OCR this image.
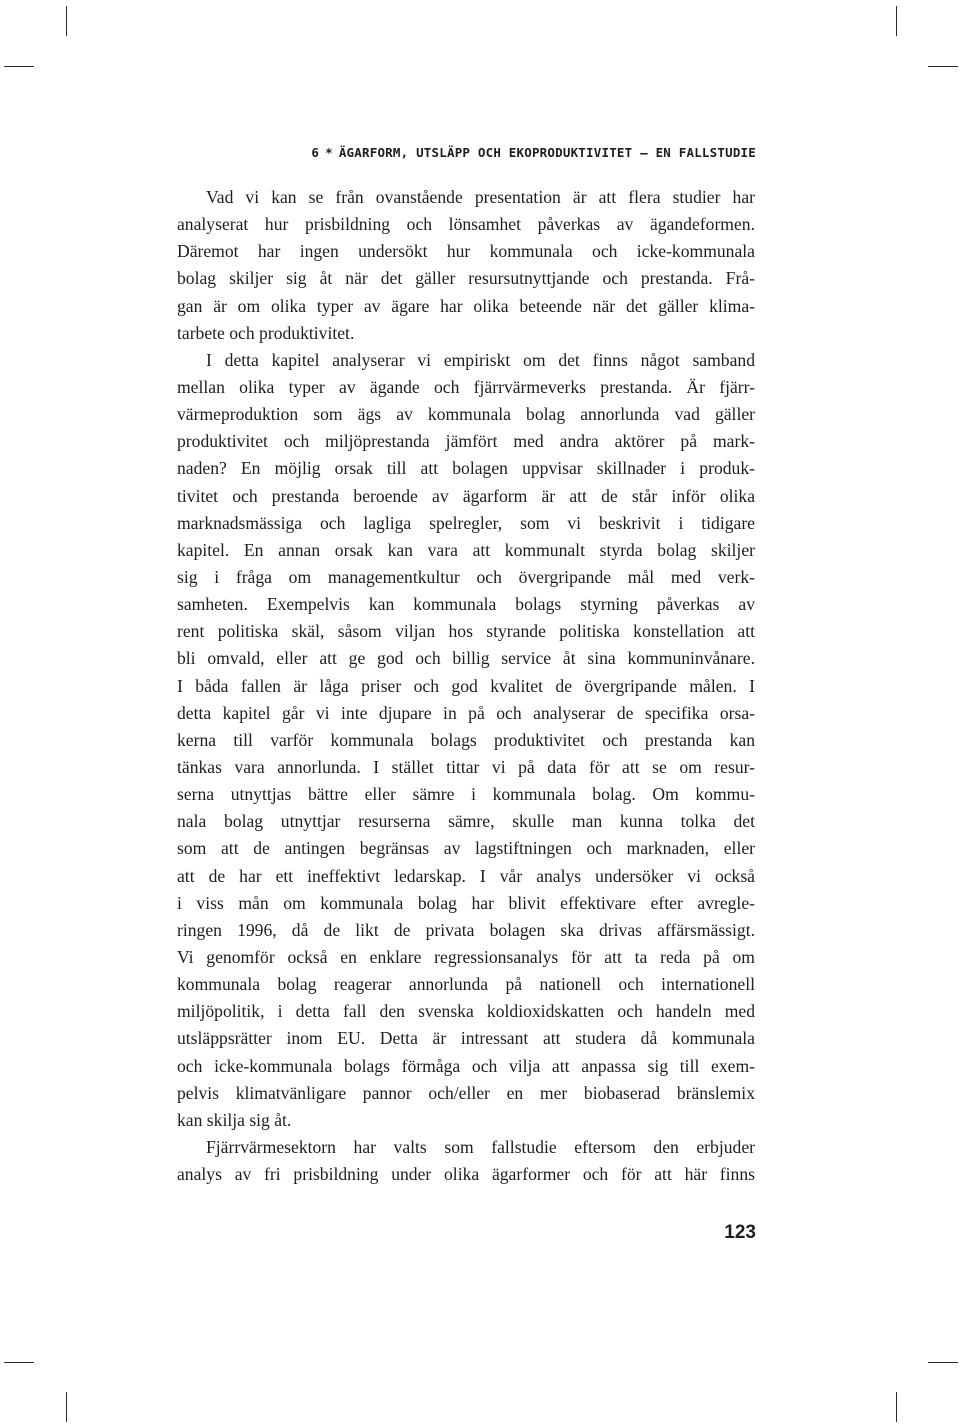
6 * ÄGARFORM, UTSLÄPP OCH EKOPRODUKTIVITET – EN FALLSTUDIE
Vad vi kan se från ovanstående presentation är att flera studier har
analyserat hur prisbildning och lönsamhet påverkas av ägandeformen.
Däremot har ingen undersökt hur kommunala och icke-kommunala
bolag skiljer sig åt när det gäller resursutnyttjande och prestanda. Frå-
gan är om olika typer av ägare har olika beteende när det gäller klima-
tarbete och produktivitet.
I detta kapitel analyserar vi empiriskt om det finns något samband
mellan olika typer av ägande och fjärrvärmeverks prestanda. Är fjärr-
värmeproduktion som ägs av kommunala bolag annorlunda vad gäller
produktivitet och miljöprestanda jämfört med andra aktörer på mark-
naden? En möjlig orsak till att bolagen uppvisar skillnader i produk-
tivitet och prestanda beroende av ägarform är att de står inför olika
marknadsmässiga och lagliga spelregler, som vi beskrivit i tidigare
kapitel. En annan orsak kan vara att kommunalt styrda bolag skiljer
sig i fråga om managementkultur och övergripande mål med verk-
samheten. Exempelvis kan kommunala bolags styrning påverkas av
rent politiska skäl, såsom viljan hos styrande politiska konstellation att
bli omvald, eller att ge god och billig service åt sina kommuninvånare.
I båda fallen är låga priser och god kvalitet de övergripande målen. I
detta kapitel går vi inte djupare in på och analyserar de specifika orsa-
kerna till varför kommunala bolags produktivitet och prestanda kan
tänkas vara annorlunda. I stället tittar vi på data för att se om resur-
serna utnyttjas bättre eller sämre i kommunala bolag. Om kommu-
nala bolag utnyttjar resurserna sämre, skulle man kunna tolka det
som att de antingen begränsas av lagstiftningen och marknaden, eller
att de har ett ineffektivt ledarskap. I vår analys undersöker vi också
i viss mån om kommunala bolag har blivit effektivare efter avregle-
ringen 1996, då de likt de privata bolagen ska drivas affärsmässigt.
Vi genomför också en enklare regressionsanalys för att ta reda på om
kommunala bolag reagerar annorlunda på nationell och internationell
miljöpolitik, i detta fall den svenska koldioxidskatten och handeln med
utsläppsrätter inom EU. Detta är intressant att studera då kommunala
och icke-kommunala bolags förmåga och vilja att anpassa sig till exem-
pelvis klimatvänligare pannor och/eller en mer biobaserad bränslemix
kan skilja sig åt.
Fjärrvärmesektorn har valts som fallstudie eftersom den erbjuder
analys av fri prisbildning under olika ägarformer och för att här finns
123
